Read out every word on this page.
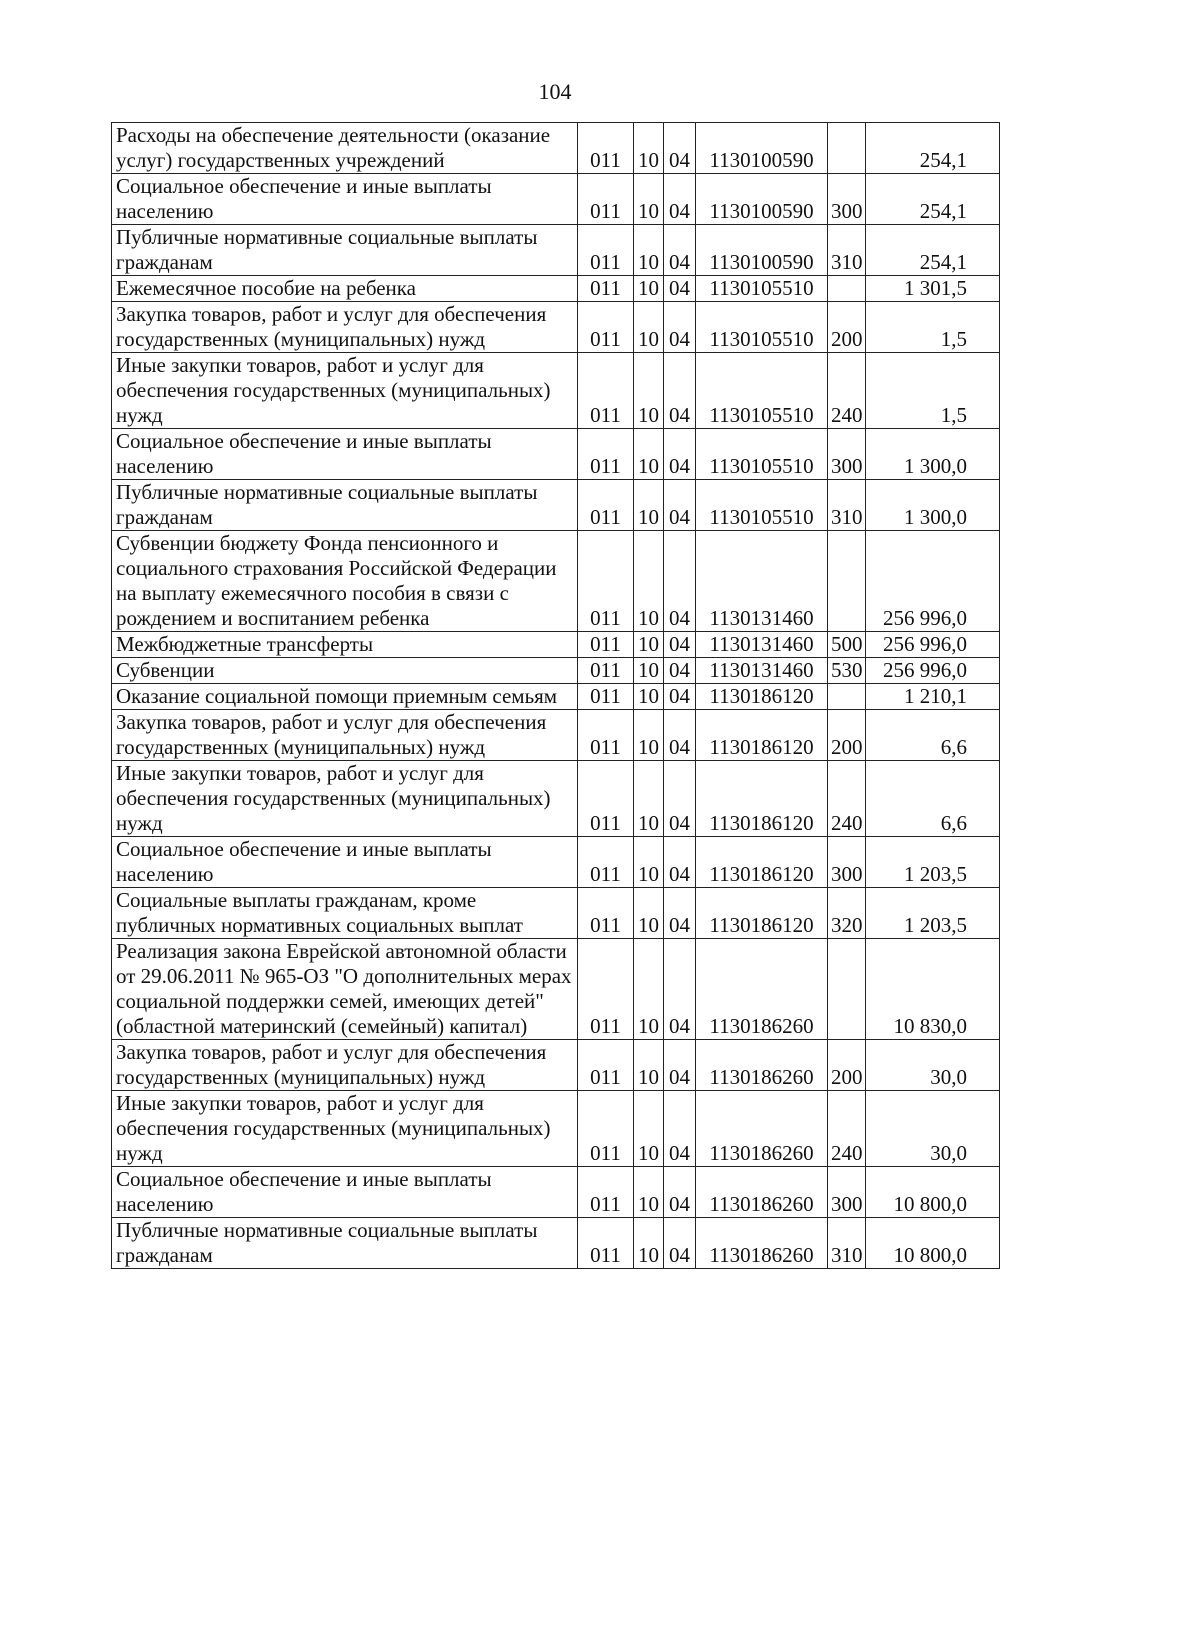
104
Расходы на обеспечение деятельности (оказание услуг) государственных учреждений	011	10	04	1130100590		254,1
Социальное обеспечение и иные выплаты населению	011	10	04	1130100590	300	254,1
Публичные нормативные социальные выплаты гражданам	011	10	04	1130100590	310	254,1
Ежемесячное пособие на ребенка	011	10	04	1130105510		1 301,5
Закупка товаров, работ и услуг для обеспечения государственных (муниципальных) нужд	011	10	04	1130105510	200	1,5
Иные закупки товаров, работ и услуг для обеспечения государственных (муниципальных) нужд	011	10	04	1130105510	240	1,5
Социальное обеспечение и иные выплаты населению	011	10	04	1130105510	300	1 300,0
Публичные нормативные социальные выплаты гражданам	011	10	04	1130105510	310	1 300,0
Субвенции бюджету Фонда пенсионного и социального страхования Российской Федерации на выплату ежемесячного пособия в связи с рождением и воспитанием ребенка	011	10	04	1130131460		256 996,0
Межбюджетные трансферты	011	10	04	1130131460	500	256 996,0
Субвенции	011	10	04	1130131460	530	256 996,0
Оказание социальной помощи приемным семьям	011	10	04	1130186120		1 210,1
Закупка товаров, работ и услуг для обеспечения государственных (муниципальных) нужд	011	10	04	1130186120	200	6,6
Иные закупки товаров, работ и услуг для обеспечения государственных (муниципальных) нужд	011	10	04	1130186120	240	6,6
Социальное обеспечение и иные выплаты населению	011	10	04	1130186120	300	1 203,5
Социальные выплаты гражданам, кроме публичных нормативных социальных выплат	011	10	04	1130186120	320	1 203,5
Реализация закона Еврейской автономной области от 29.06.2011 № 965-ОЗ "О дополнительных мерах социальной поддержки семей, имеющих детей" (областной материнский (семейный) капитал)	011	10	04	1130186260		10 830,0
Закупка товаров, работ и услуг для обеспечения государственных (муниципальных) нужд	011	10	04	1130186260	200	30,0
Иные закупки товаров, работ и услуг для обеспечения государственных (муниципальных) нужд	011	10	04	1130186260	240	30,0
Социальное обеспечение и иные выплаты населению	011	10	04	1130186260	300	10 800,0
Публичные нормативные социальные выплаты гражданам	011	10	04	1130186260	310	10 800,0
